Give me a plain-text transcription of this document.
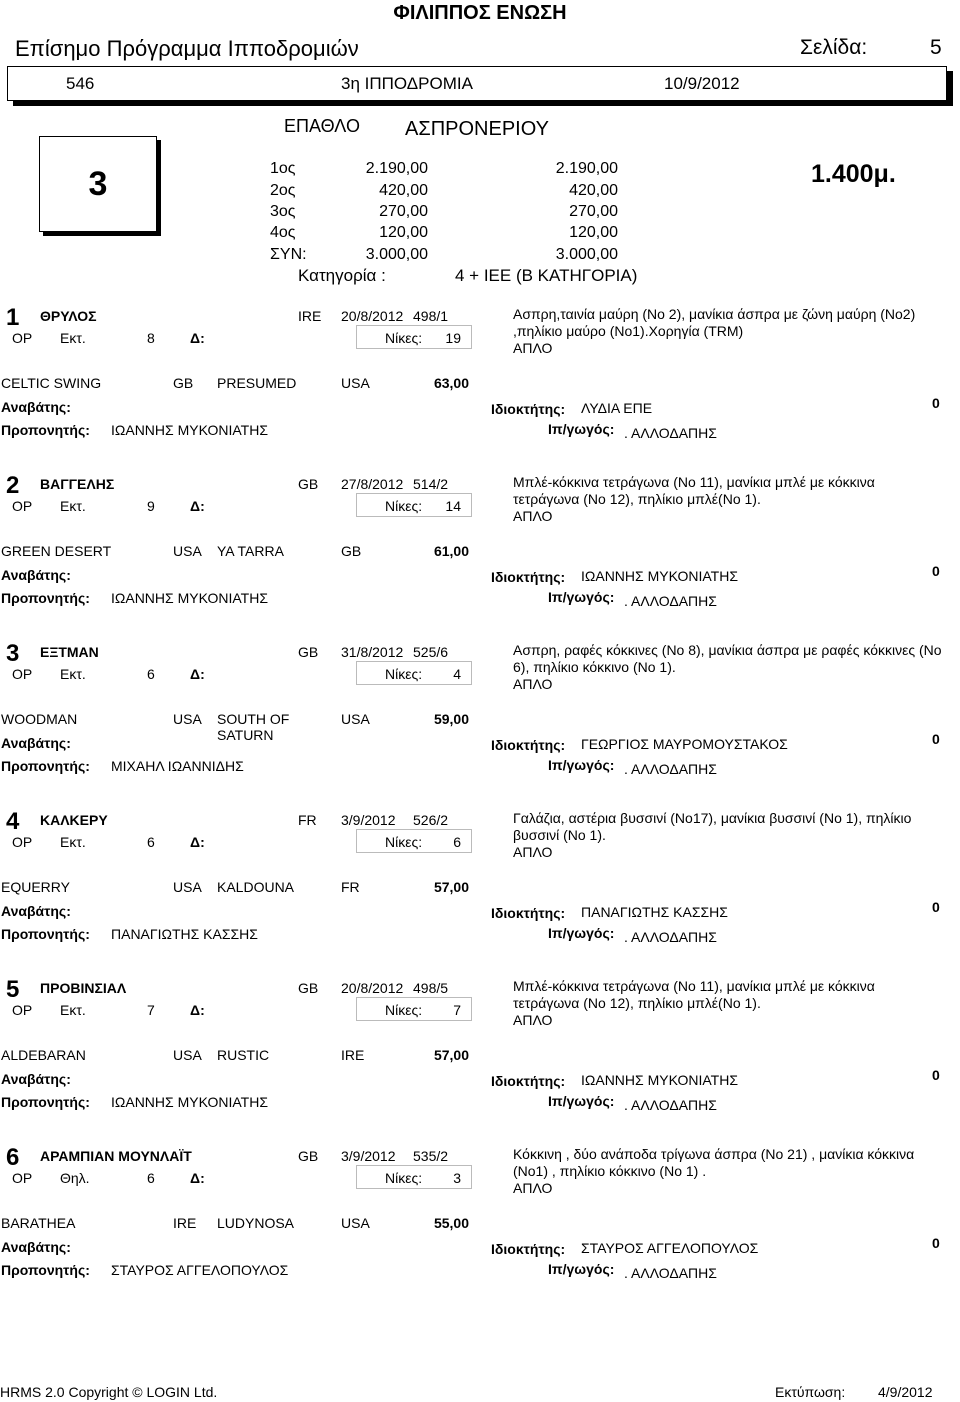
ΦΙΛΙΠΠΟΣ ΕΝΩΣΗ
Επίσημο Πρόγραμμα Ιπποδρομιών	Σελίδα:	5
546	3η ΙΠΠΟΔΡΟΜΙΑ	10/9/2012
ΕΠΑΘΛΟ ΑΣΠΡΟΝΕΡΙΟΥ
3	1.400μ.
1ος	2.190,00	2.190,00
2ος	420,00	420,00
3ος	270,00	270,00
4ος	120,00	120,00
ΣΥΝ:	3.000,00	3.000,00
Κατηγορία :	4 + ΙΕΕ (Β ΚΑΤΗΓΟΡΙΑ)
1 ΘΡΥΛΟΣ	IRE 20/8/2012 498/1
ΟΡ Εκτ.	8	Δ:	Νίκες:	19
Ασπρη,ταινία μαύρη (Νο 2), μανίκια άσπρα με ζώνη μαύρη (Νο2) ,πηλίκιο μαύρο (Νο1).Χορηγία (TRM)
ΑΠΛΟ
CELTIC SWING	GB PRESUMED	USA	63,00
Αναβάτης:
Προπονητής: ΙΩΑΝΝΗΣ ΜΥΚΟΝΙΑΤΗΣ
Ιδιοκτήτης: ΛΥΔΙΑ ΕΠΕ
Ιπ/γωγός: . ΑΛΛΟΔΑΠΗΣ
0
2 ΒΑΓΓΕΛΗΣ	GB 27/8/2012 514/2
ΟΡ Εκτ.	9	Δ:	Νίκες:	14
Μπλέ-κόκκινα τετράγωνα (Νο 11), μανίκια μπλέ με κόκκινα τετράγωνα (Νο 12), πηλίκιο μπλέ(Νο 1).
ΑΠΛΟ
GREEN DESERT	USA YA TARRA	GB	61,00
Αναβάτης:
Προπονητής: ΙΩΑΝΝΗΣ ΜΥΚΟΝΙΑΤΗΣ
Ιδιοκτήτης: ΙΩΑΝΝΗΣ ΜΥΚΟΝΙΑΤΗΣ
Ιπ/γωγός: . ΑΛΛΟΔΑΠΗΣ
0
3 ΕΞΤΜΑΝ	GB 31/8/2012 525/6
ΟΡ Εκτ.	6	Δ:	Νίκες:	4
Ασπρη, ραφές κόκκινες (Νο 8), μανίκια άσπρα με ραφές κόκκινες (Νο 6), πηλίκιο κόκκινο (Νο 1).
ΑΠΛΟ
WOODMAN	USA SOUTH OF SATURN
USA	59,00
Αναβάτης:
Προπονητής: ΜΙΧΑΗΛ ΙΩΑΝΝΙΔΗΣ
Ιδιοκτήτης: ΓΕΩΡΓΙΟΣ ΜΑΥΡΟΜΟΥΣΤΑΚΟΣ
Ιπ/γωγός: . ΑΛΛΟΔΑΠΗΣ
0
4 ΚΑΛΚΕΡΥ	FR 3/9/2012 526/2
ΟΡ Εκτ.	6	Δ:	Νίκες:	6
Γαλάζια, αστέρια βυσσινί (Νο17), μανίκια βυσσινί (Νο 1), πηλίκιο βυσσινί (Νο 1).
ΑΠΛΟ
EQUERRY	USA KALDOUNA	FR	57,00
Αναβάτης:
Προπονητής: ΠΑΝΑΓΙΩΤΗΣ ΚΑΣΣΗΣ
Ιδιοκτήτης: ΠΑΝΑΓΙΩΤΗΣ ΚΑΣΣΗΣ
Ιπ/γωγός: . ΑΛΛΟΔΑΠΗΣ
0
5 ΠΡΟΒΙΝΣΙΑΛ	GB 20/8/2012 498/5
ΟΡ Εκτ.	7	Δ:	Νίκες:	7
Μπλέ-κόκκινα τετράγωνα (Νο 11), μανίκια μπλέ με κόκκινα τετράγωνα (Νο 12), πηλίκιο μπλέ(Νο 1).
ΑΠΛΟ
ALDEBARAN	USA RUSTIC	IRE	57,00
Αναβάτης:
Προπονητής: ΙΩΑΝΝΗΣ ΜΥΚΟΝΙΑΤΗΣ
Ιδιοκτήτης: ΙΩΑΝΝΗΣ ΜΥΚΟΝΙΑΤΗΣ
Ιπ/γωγός: . ΑΛΛΟΔΑΠΗΣ
0
6 ΑΡΑΜΠΙΑΝ ΜΟΥΝΛΑΪΤ	GB 3/9/2012 535/2
ΟΡ Θηλ.	6	Δ:	Νίκες:	3
Κόκκινη , δύο ανάποδα τρίγωνα άσπρα (Νο 21) , μανίκια κόκκινα (Νο1) , πηλίκιο κόκκινο (Νο 1) .
ΑΠΛΟ
BARATHEA	IRE LUDYNOSA	USA	55,00
Αναβάτης:
Προπονητής: ΣΤΑΥΡΟΣ ΑΓΓΕΛΟΠΟΥΛΟΣ
Ιδιοκτήτης: ΣΤΑΥΡΟΣ ΑΓΓΕΛΟΠΟΥΛΟΣ
Ιπ/γωγός: . ΑΛΛΟΔΑΠΗΣ
0
HRMS 2.0 Copyright © LOGIN Ltd.	Εκτύπωση: 4/9/2012
